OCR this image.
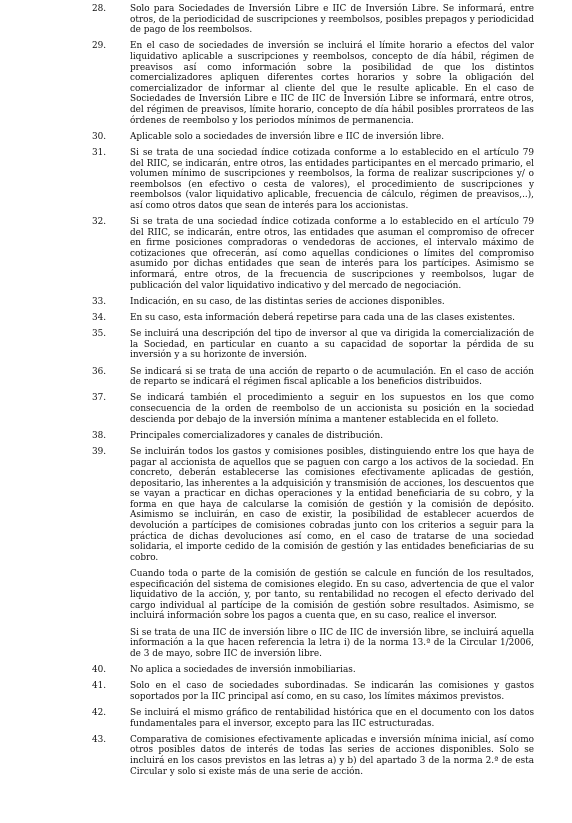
28.	Solo para Sociedades de Inversión Libre e IIC de Inversión Libre. Se informará, entre otros, de la periodicidad de suscripciones y reembolsos, posibles prepagos y periodicidad de pago de los reembolsos.

29.	En el caso de sociedades de inversión se incluirá el límite horario a efectos del valor liquidativo aplicable a suscripciones y reembolsos, concepto de día hábil, régimen de preavisos así como información sobre la posibilidad de que los distintos comercializadores apliquen diferentes cortes horarios y sobre la obligación del comercializador de informar al cliente del que le resulte aplicable. En el caso de Sociedades de Inversión Libre e IIC de IIC de Inversión Libre se informará, entre otros, del régimen de preavisos, límite horario, concepto de día hábil posibles prorrateos de las órdenes de reembolso y los periodos mínimos de permanencia.

30.	Aplicable solo a sociedades de inversión libre e IIC de inversión libre.

31.	Si se trata de una sociedad índice cotizada conforme a lo establecido en el artículo 79 del RIIC, se indicarán, entre otros, las entidades participantes en el mercado primario, el volumen mínimo de suscripciones y reembolsos, la forma de realizar suscripciones y/ o reembolsos (en efectivo o cesta de valores), el procedimiento de suscripciones y reembolsos (valor liquidativo aplicable, frecuencia de cálculo, régimen de preavisos,..), así como otros datos que sean de interés para los accionistas.

32.	Si se trata de una sociedad índice cotizada conforme a lo establecido en el artículo 79 del RIIC, se indicarán, entre otros, las entidades que asuman el compromiso de ofrecer en firme posiciones compradoras o vendedoras de acciones, el intervalo máximo de cotizaciones que ofrecerán, así como aquellas condiciones o límites del compromiso asumido por dichas entidades que sean de interés para los partícipes. Asimismo se informará, entre otros, de la frecuencia de suscripciones y reembolsos, lugar de publicación del valor liquidativo indicativo y del mercado de negociación.

33.	Indicación, en su caso, de las distintas series de acciones disponibles.

34.	En su caso, esta información deberá repetirse para cada una de las clases existentes.

35.	Se incluirá una descripción del tipo de inversor al que va dirigida la comercialización de la Sociedad, en particular en cuanto a su capacidad de soportar la pérdida de su inversión y a su horizonte de inversión.

36.	Se indicará si se trata de una acción de reparto o de acumulación. En el caso de acción de reparto se indicará el régimen fiscal aplicable a los beneficios distribuidos.

37.	Se indicará también el procedimiento a seguir en los supuestos en los que como consecuencia de la orden de reembolso de un accionista su posición en la sociedad descienda por debajo de la inversión mínima a mantener establecida en el folleto.

38.	Principales comercializadores y canales de distribución.

39.	Se incluirán todos los gastos y comisiones posibles, distinguiendo entre los que haya de pagar al accionista de aquellos que se paguen con cargo a los activos de la sociedad. En concreto, deberán establecerse las comisiones efectivamente aplicadas de gestión, depositario, las inherentes a la adquisición y transmisión de acciones, los descuentos que se vayan a practicar en dichas operaciones y la entidad beneficiaria de su cobro, y la forma en que haya de calcularse la comisión de gestión y la comisión de depósito. Asimismo se incluirán, en caso de existir, la posibilidad de establecer acuerdos de devolución a partícipes de comisiones cobradas junto con los criterios a seguir para la práctica de dichas devoluciones así como, en el caso de tratarse de una sociedad solidaria, el importe cedido de la comisión de gestión y las entidades beneficiarias de su cobro.

Cuando toda o parte de la comisión de gestión se calcule en función de los resultados, especificación del sistema de comisiones elegido. En su caso, advertencia de que el valor liquidativo de la acción, y, por tanto, su rentabilidad no recogen el efecto derivado del cargo individual al partícipe de la comisión de gestión sobre resultados. Asimismo, se incluirá información sobre los pagos a cuenta que, en su caso, realice el inversor.

Si se trata de una IIC de inversión libre o IIC de IIC de inversión libre, se incluirá aquella información a la que hacen referencia la letra i) de la norma 13.ª de la Circular 1/2006, de 3 de mayo, sobre IIC de inversión libre.

40.	No aplica a sociedades de inversión inmobiliarias.

41.	Solo en el caso de sociedades subordinadas. Se indicarán las comisiones y gastos soportados por la IIC principal así como, en su caso, los límites máximos previstos.

42.	Se incluirá el mismo gráfico de rentabilidad histórica que en el documento con los datos fundamentales para el inversor, excepto para las IIC estructuradas.

43.	Comparativa de comisiones efectivamente aplicadas e inversión mínima inicial, así como otros posibles datos de interés de todas las series de acciones disponibles. Solo se incluirá en los casos previstos en las letras a) y b) del apartado 3 de la norma 2.ª de esta Circular y solo si existe más de una serie de acción.
